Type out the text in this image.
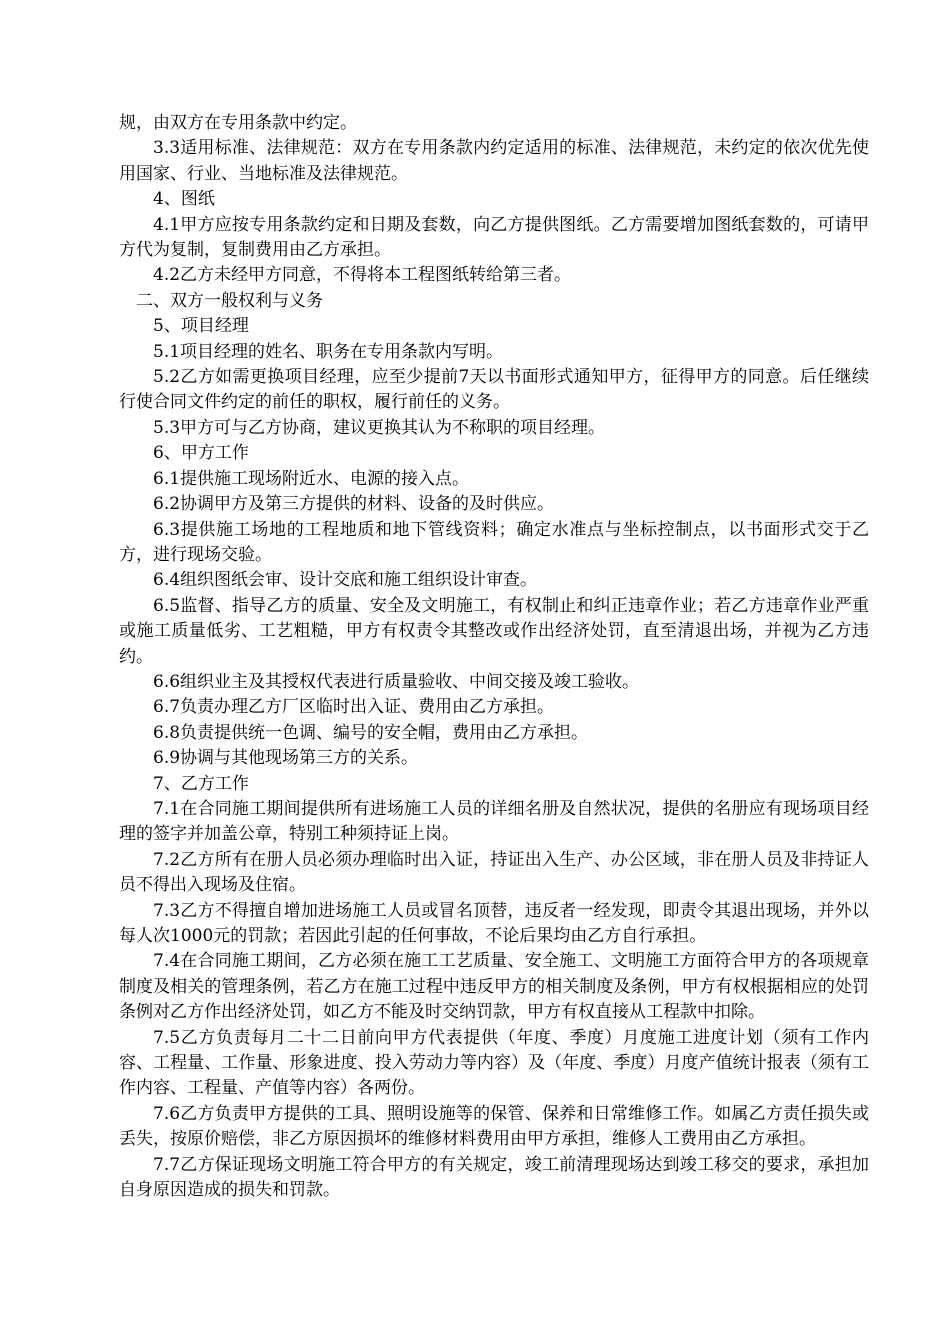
规，由双方在专用条款中约定。

3.3适用标准、法律规范：双方在专用条款内约定适用的标准、法律规范，未约定的依次优先使用国家、行业、当地标准及法律规范。

4、图纸

4.1甲方应按专用条款约定和日期及套数，向乙方提供图纸。乙方需要增加图纸套数的，可请甲方代为复制，复制费用由乙方承担。

4.2乙方未经甲方同意，不得将本工程图纸转给第三者。

二、双方一般权利与义务

5、项目经理

5.1项目经理的姓名、职务在专用条款内写明。

5.2乙方如需更换项目经理，应至少提前7天以书面形式通知甲方，征得甲方的同意。后任继续行使合同文件约定的前任的职权，履行前任的义务。

5.3甲方可与乙方协商，建议更换其认为不称职的项目经理。

6、甲方工作

6.1提供施工现场附近水、电源的接入点。

6.2协调甲方及第三方提供的材料、设备的及时供应。

6.3提供施工场地的工程地质和地下管线资料；确定水准点与坐标控制点，以书面形式交于乙方，进行现场交验。

6.4组织图纸会审、设计交底和施工组织设计审查。

6.5监督、指导乙方的质量、安全及文明施工，有权制止和纠正违章作业；若乙方违章作业严重或施工质量低劣、工艺粗糙，甲方有权责令其整改或作出经济处罚，直至清退出场，并视为乙方违约。

6.6组织业主及其授权代表进行质量验收、中间交接及竣工验收。

6.7负责办理乙方厂区临时出入证、费用由乙方承担。

6.8负责提供统一色调、编号的安全帽，费用由乙方承担。

6.9协调与其他现场第三方的关系。

7、乙方工作

7.1在合同施工期间提供所有进场施工人员的详细名册及自然状况，提供的名册应有现场项目经理的签字并加盖公章，特别工种须持证上岗。

7.2乙方所有在册人员必须办理临时出入证，持证出入生产、办公区域，非在册人员及非持证人员不得出入现场及住宿。

7.3乙方不得擅自增加进场施工人员或冒名顶替，违反者一经发现，即责令其退出现场，并外以每人次1000元的罚款；若因此引起的任何事故，不论后果均由乙方自行承担。

7.4在合同施工期间，乙方必须在施工工艺质量、安全施工、文明施工方面符合甲方的各项规章制度及相关的管理条例，若乙方在施工过程中违反甲方的相关制度及条例，甲方有权根据相应的处罚条例对乙方作出经济处罚，如乙方不能及时交纳罚款，甲方有权直接从工程款中扣除。

7.5乙方负责每月二十二日前向甲方代表提供（年度、季度）月度施工进度计划（须有工作内容、工程量、工作量、形象进度、投入劳动力等内容）及（年度、季度）月度产值统计报表（须有工作内容、工程量、产值等内容）各两份。

7.6乙方负责甲方提供的工具、照明设施等的保管、保养和日常维修工作。如属乙方责任损失或丢失，按原价赔偿，非乙方原因损坏的维修材料费用由甲方承担，维修人工费用由乙方承担。

7.7乙方保证现场文明施工符合甲方的有关规定，竣工前清理现场达到竣工移交的要求，承担加自身原因造成的损失和罚款。
